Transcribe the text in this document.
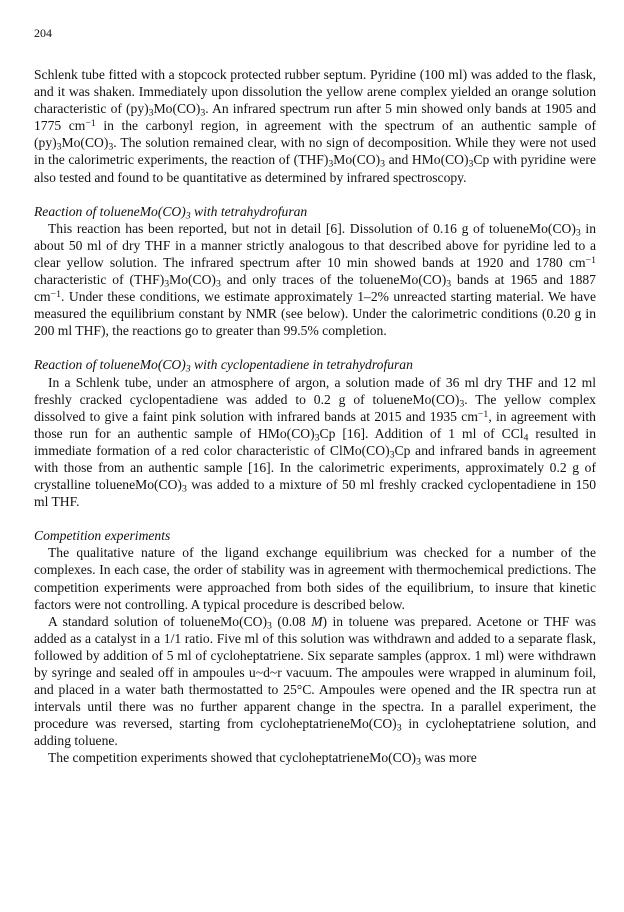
204

Schlenk tube fitted with a stopcock protected rubber septum. Pyridine (100 ml) was added to the flask, and it was shaken. Immediately upon dissolution the yellow arene complex yielded an orange solution characteristic of $(py)_3Mo(CO)_3$. An infrared spectrum run after 5 min showed only bands at 1905 and 1775 $cm^{-1}$ in the carbonyl region, in agreement with the spectrum of an authentic sample of $(py)_3Mo(CO)_3$. The solution remained clear, with no sign of decomposition. While they were not used in the calorimetric experiments, the reaction of $(THF)_3Mo(CO)_3$ and $HMo(CO)_3Cp$ with pyridine were also tested and found to be quantitative as determined by infrared spectroscopy.

Reaction of $tolueneMo(CO)_3$ with tetrahydrofuran

This reaction has been reported, but not in detail [6]. Dissolution of 0.16 g of $tolueneMo(CO)_3$ in about 50 ml of dry THF in a manner strictly analogous to that described above for pyridine led to a clear yellow solution. The infrared spectrum after 10 min showed bands at 1920 and 1780 $cm^{-1}$ characteristic of $(THF)_3Mo(CO)_3$ and only traces of the $tolueneMo(CO)_3$ bands at 1965 and 1887 $cm^{-1}$. Under these conditions, we estimate approximately 1–2% unreacted starting material. We have measured the equilibrium constant by NMR (see below). Under the calorimetric conditions (0.20 g in 200 ml THF), the reactions go to greater than 99.5% completion.

Reaction of $tolueneMo(CO)_3$ with cyclopentadiene in tetrahydrofuran

In a Schlenk tube, under an atmosphere of argon, a solution made of 36 ml dry THF and 12 ml freshly cracked cyclopentadiene was added to 0.2 g of $tolueneMo(CO)_3$. The yellow complex dissolved to give a faint pink solution with infrared bands at 2015 and 1935 $cm^{-1}$, in agreement with those run for an authentic sample of $HMo(CO)_3Cp$ [16]. Addition of 1 ml of CCl$_4$ resulted in immediate formation of a red color characteristic of $ClMo(CO)_3Cp$ and infrared bands in agreement with those from an authentic sample [16]. In the calorimetric experiments, approximately 0.2 g of crystalline $tolueneMo(CO)_3$ was added to a mixture of 50 ml freshly cracked cyclopentadiene in 150 ml THF.

Competition experiments

The qualitative nature of the ligand exchange equilibrium was checked for a number of the complexes. In each case, the order of stability was in agreement with thermochemical predictions. The competition experiments were approached from both sides of the equilibrium, to insure that kinetic factors were not controlling. A typical procedure is described below.

A standard solution of $tolueneMo(CO)_3$ (0.08 M) in toluene was prepared. Acetone or THF was added as a catalyst in a 1/1 ratio. Five ml of this solution was withdrawn and added to a separate flask, followed by addition of 5 ml of cycloheptatriene. Six separate samples (approx. 1 ml) were withdrawn by syringe and sealed off in ampoules u~d~r vacuum. The ampoules were wrapped in aluminum foil, and placed in a water bath thermostatted to 25°C. Ampoules were opened and the IR spectra run at intervals until there was no further apparent change in the spectra. In a parallel experiment, the procedure was reversed, starting from $cycloheptatrieneMo(CO)_3$ in cycloheptatriene solution, and adding toluene.

The competition experiments showed that $cycloheptatrieneMo(CO)_3$ was more
